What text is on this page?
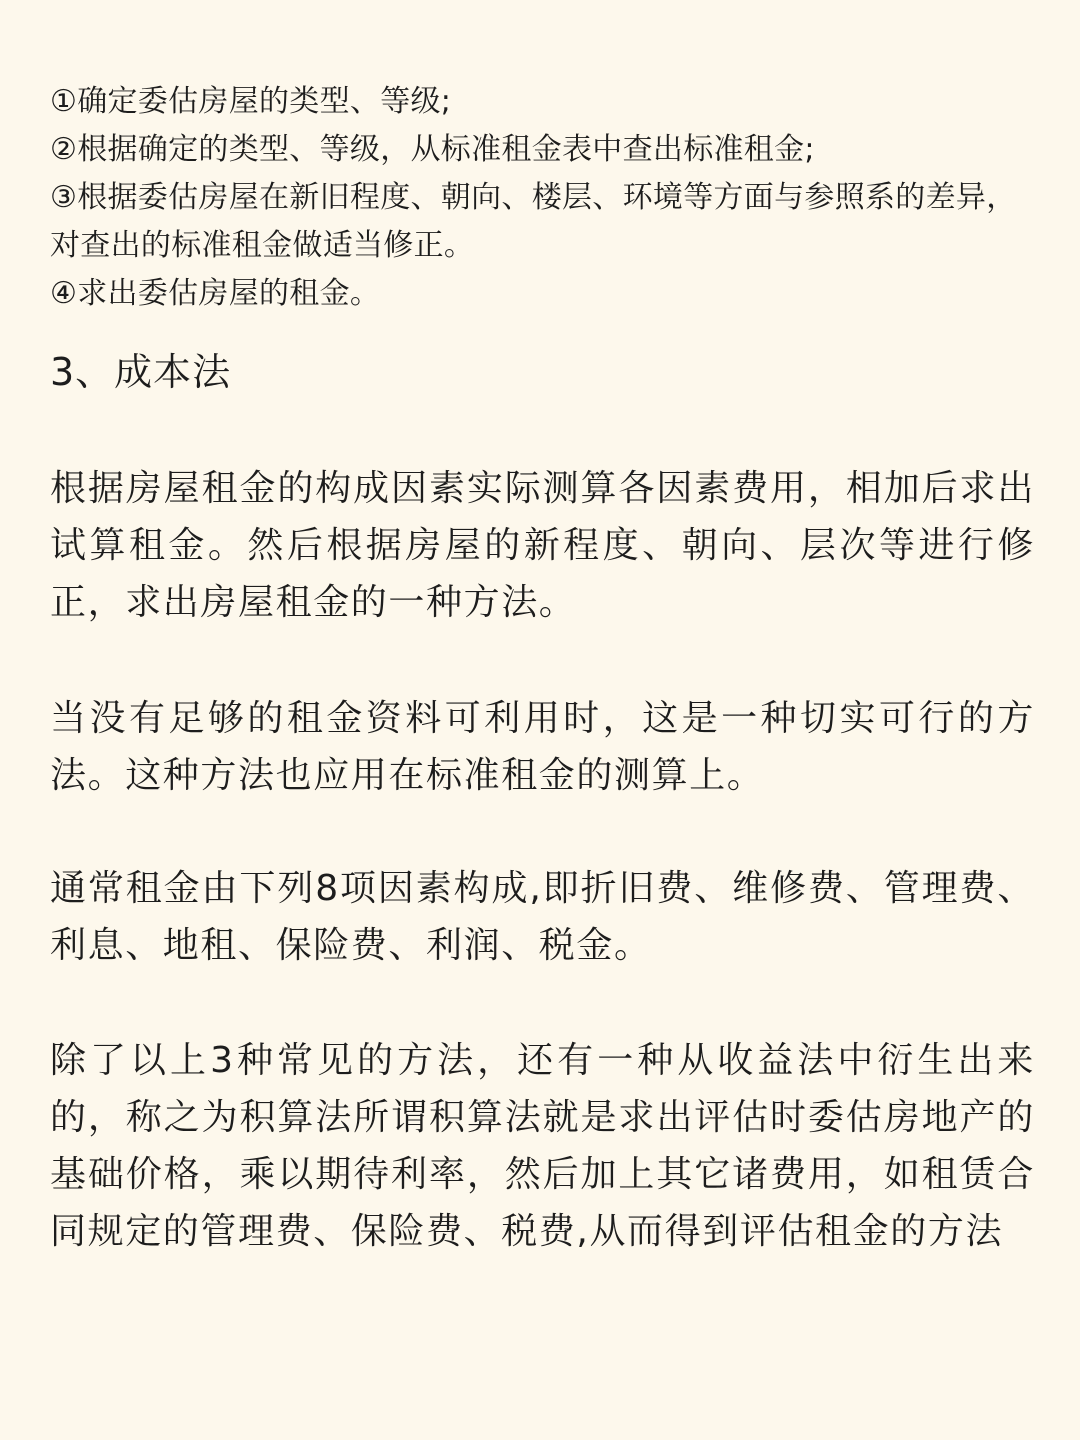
①确定委估房屋的类型、等级;
②根据确定的类型、等级，从标准租金表中查出标准租金;
③根据委估房屋在新旧程度、朝向、楼层、环境等方面与参照系的差异，对查出的标准租金做适当修正。
④求出委估房屋的租金。
3、成本法

根据房屋租金的构成因素实际测算各因素费用，相加后求出试算租金。然后根据房屋的新程度、朝向、层次等进行修正，求出房屋租金的一种方法。

当没有足够的租金资料可利用时，这是一种切实可行的方法。这种方法也应用在标准租金的测算上。

通常租金由下列8项因素构成,即折旧费、维修费、管理费、利息、地租、保险费、利润、税金。

除了以上3种常见的方法，还有一种从收益法中衍生出来的，称之为积算法所谓积算法就是求出评估时委估房地产的基础价格，乘以期待利率，然后加上其它诸费用，如租赁合同规定的管理费、保险费、税费,从而得到评估租金的方法
